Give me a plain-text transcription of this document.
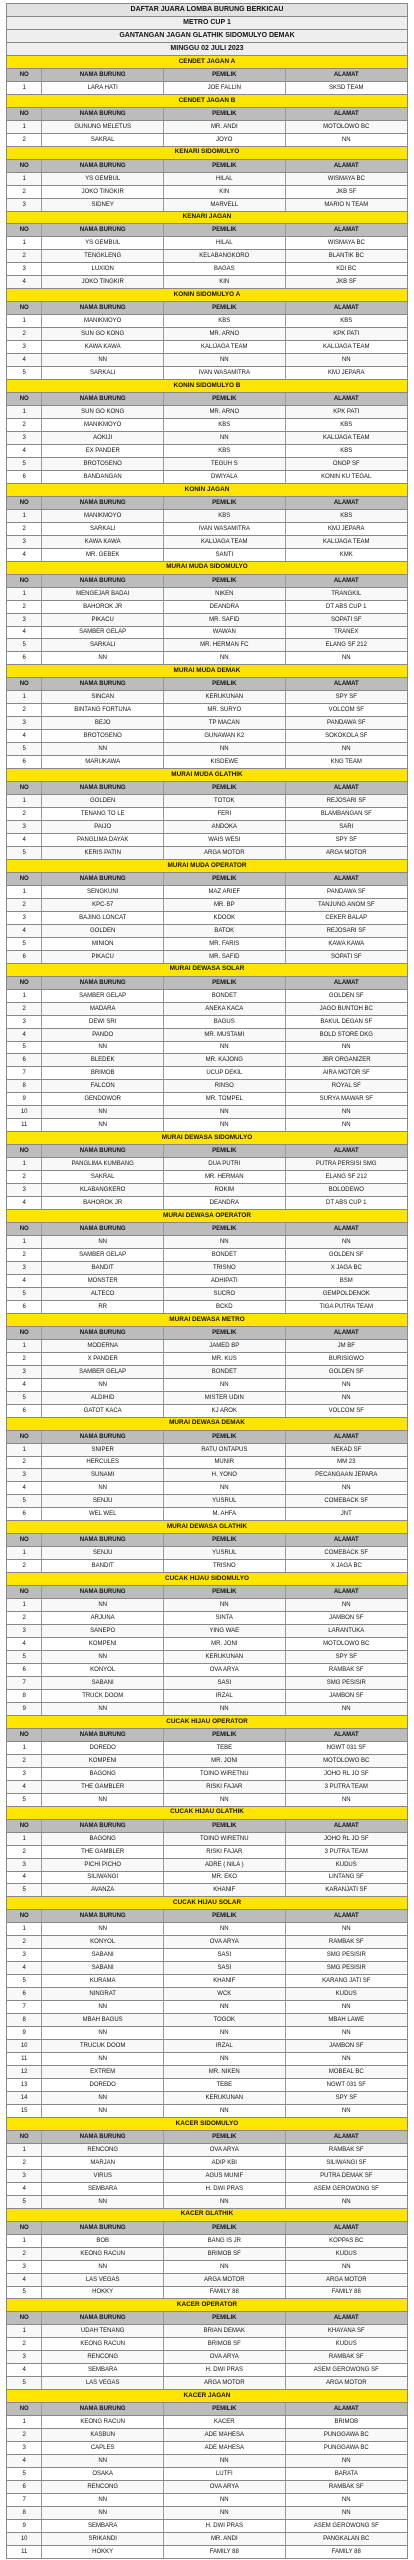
DAFTAR JUARA LOMBA BURUNG BERKICAU
METRO CUP 1
GANTANGAN JAGAN GLATHIK SIDOMULYO DEMAK
MINGGU 02 JULI 2023
CENDET JAGAN A
NO	NAMA BURUNG	PEMILIK	ALAMAT
1	LARA HATI	JOE FALLIN	SKSD TEAM
CENDET JAGAN B
NO	NAMA BURUNG	PEMILIK	ALAMAT
1	GUNUNG MELETUS	MR. ANDI	MOTOLOWO BC
2	SAKRAL	JOYO	NN
KENARI SIDOMULYO
NO	NAMA BURUNG	PEMILIK	ALAMAT
1	YS GEMBUL	HILAL	WISMAYA BC
2	JOKO TINGKIR	KIN	JKB SF
3	SIDNEY	MARVELL	MARIO N TEAM
KENARI JAGAN
NO	NAMA BURUNG	PEMILIK	ALAMAT
1	YS GEMBUL	HILAL	WISMAYA BC
2	TENGKLENG	KELABANGKORO	BLANTIK BC
3	LUXION	BAGAS	KDI BC
4	JOKO TINGKIR	KIN	JKB SF
KONIN SIDOMULYO A
NO	NAMA BURUNG	PEMILIK	ALAMAT
1	MANIKMOYO	KBS	KBS
2	SUN GO KONG	MR. ARNO	KPK PATI
3	KAWA KAWA	KALIJAGA TEAM	KALIJAGA TEAM
4	NN	NN	NN
5	SARKALI	IVAN WASAMITRA	KMJ JEPARA
KONIN SIDOMULYO B
NO	NAMA BURUNG	PEMILIK	ALAMAT
1	SUN GO KONG	MR. ARNO	KPK PATI
2	MANIKMOYO	KBS	KBS
3	AOKIJI	NN	KALIJAGA TEAM
4	EX PANDER	KBS	KBS
5	BROTOSENO	TEGUH S	ONOP SF
6	BANDANGAN	DWIYALA	KONIN KU TEGAL
KONIN JAGAN
NO	NAMA BURUNG	PEMILIK	ALAMAT
1	MANIKMOYO	KBS	KBS
2	SARKALI	IVAN WASAMITRA	KMJ JEPARA
3	KAWA KAWA	KALIJAGA TEAM	KALIJAGA TEAM
4	MR. GEBEK	SANTI	KMK
MURAI MUDA SIDOMULYO
NO	NAMA BURUNG	PEMILIK	ALAMAT
1	MENGEJAR BADAI	NIKEN	TRANGKIL
2	BAHOROK JR	DEANDRA	DT ABS CUP 1
3	PIKACU	MR. SAFID	SOPATI SF
4	SAMBER GELAP	WAWAN	TRANEX
5	SARKALI	MR. HERMAN FC	ELANG SF 212
6	NN	NN	NN
MURAI MUDA DEMAK
NO	NAMA BURUNG	PEMILIK	ALAMAT
1	SINCAN	KERUKUNAN	SPY SF
2	BINTANG FORTUNA	MR. SURYO	VOLCOM SF
3	BEJO	TP MACAN	PANDAWA SF
4	BROTOSENO	GUNAWAN K2	SOKOKOLA SF
5	NN	NN	NN
6	MARUKAWA	KISDEWE	KNG TEAM
MURAI MUDA GLATHIK
NO	NAMA BURUNG	PEMILIK	ALAMAT
1	GOLDEN	TOTOK	REJOSARI SF
2	TENANG TO LE	FERI	BLAMBANGAN SF
3	PAIJO	ANDOKA	SARI
4	PANGLIMA DAYAK	WAIS WESI	SPY SF
5	KERIS PATIN	ARGA MOTOR	ARGA MOTOR
MURAI MUDA OPERATOR
NO	NAMA BURUNG	PEMILIK	ALAMAT
1	SENGKUNI	MAZ ARIEF	PANDAWA SF
2	KPC-57	MR. BP	TANJUNG ANOM SF
3	BAJING LONCAT	KDOOK	CEKER BALAP
4	GOLDEN	BATOK	REJOSARI SF
5	MINION	MR. FARIS	KAWA KAWA
6	PIKACU	MR. SAFID	SOPATI SF
MURAI DEWASA SOLAR
NO	NAMA BURUNG	PEMILIK	ALAMAT
1	SAMBER GELAP	BONDET	GOLDEN SF
2	MADARA	ANEKA KACA	JAGO BUNTOH BC
3	DEWI SRI	BAGUS	BAKUL DEGAN SF
4	PANDO	MR. MUSTAMI	BOLD STORE DKG
5	NN	NN	NN
6	BLEDEK	MR. KAJONG	JBR ORGANIZER
7	BRIMOB	UCUP DEKIL	AIRA MOTOR SF
8	FALCON	RINSO	ROYAL SF
9	GENDOWOR	MR. TOMPEL	SURYA MAWAR SF
10	NN	NN	NN
11	NN	NN	NN
MURAI DEWASA SIDOMULYO
NO	NAMA BURUNG	PEMILIK	ALAMAT
1	PANGLIMA KUMBANG	DUA PUTRI	PUTRA PERSISI SMG
2	SAKRAL	MR. HERMAN	ELANG SF 212
3	KLABANGKERO	ROKIM	BOLODEWO
4	BAHOROK JR	DEANDRA	DT ABS CUP 1
MURAI DEWASA OPERATOR
NO	NAMA BURUNG	PEMILIK	ALAMAT
1	NN	NN	NN
2	SAMBER GELAP	BONDET	GOLDEN SF
3	BANDIT	TRISNO	X JAGA BC
4	MONSTER	ADHIPATI	BSM
5	ALTECO	SUCRO	GEMPOLDENOK
6	RR	BCKD	TIGA PUTRA TEAM
MURAI DEWASA METRO
NO	NAMA BURUNG	PEMILIK	ALAMAT
1	MODERNA	JAMED BP	JM BF
2	X PANDER	MR. KUS	BURISIGWO
3	SAMBER GELAP	BONDET	GOLDEN SF
4	NN	NN	NN
5	ALDIHID	MISTER UDIN	NN
6	GATOT KACA	KJ AROK	VOLCOM SF
MURAI DEWASA DEMAK
NO	NAMA BURUNG	PEMILIK	ALAMAT
1	SNIPER	RATU ONTAPUS	NEKAD SF
2	HERCULES	MUNIR	MM 23
3	SUNAMI	H. YONO	PECANGAAN JEPARA
4	NN	NN	NN
5	SENJU	YUSRUL	COMEBACK SF
6	WEL WEL	M. AHFA	JNT
MURAI DEWASA GLATHIK
NO	NAMA BURUNG	PEMILIK	ALAMAT
1	SENJU	YUSRUL	COMEBACK SF
2	BANDIT	TRISNO	X JAGA BC
CUCAK HIJAU SIDOMULYO
NO	NAMA BURUNG	PEMILIK	ALAMAT
1	NN	NN	NN
2	ARJUNA	SINTA	JAMBON SF
3	SANEPO	YING WAE	LARANTUKA
4	KOMPENI	MR. JONI	MOTOLOWO BC
5	NN	KERUKUNAN	SPY SF
6	KONYOL	OVA ARYA	RAMBAK SF
7	SABANI	SASI	SMG PESISIR
8	TRUCK DOOM	IRZAL	JAMBON SF
9	NN	NN	NN
CUCAK HIJAU OPERATOR
NO	NAMA BURUNG	PEMILIK	ALAMAT
1	DOREDO	TEBE	NGWT 031 SF
2	KOMPENI	MR. JONI	MOTOLOWO BC
3	BAGONG	TOINO WIRETNU	JOHO RL JO SF
4	THE GAMBLER	RISKI FAJAR	3 PUTRA TEAM
5	NN	NN	NN
CUCAK HIJAU GLATHIK
NO	NAMA BURUNG	PEMILIK	ALAMAT
1	BAGONG	TOINO WIRETNU	JOHO RL JO SF
2	THE GAMBLER	RISKI FAJAR	3 PUTRA TEAM
3	PICHI PICHO	ADRE ( NILA )	KUDUS
4	SILIWANGI	MR. EKO	LINTANG SF
5	AVANZA	KHANIF	KARANJATI SF
CUCAK HIJAU SOLAR
NO	NAMA BURUNG	PEMILIK	ALAMAT
1	NN	NN	NN
2	KONYOL	OVA ARYA	RAMBAK SF
3	SABANI	SASI	SMG PESISIR
4	SABANI	SASI	SMG PESISIR
5	KURAMA	KHANIF	KARANG JATI SF
6	NINGRAT	WCK	KUDUS
7	NN	NN	NN
8	MBAH BAGUS	TOGOK	MBAH LAWE
9	NN	NN	NN
10	TRUCUK DOOM	IRZAL	JAMBON SF
11	NN	NN	NN
12	EXTREM	MR. NIKEN	MOBEAL BC
13	DOREDO	TEBE	NGWT 031 SF
14	NN	KERUKUNAN	SPY SF
15	NN	NN	NN
KACER SIDOMULYO
NO	NAMA BURUNG	PEMILIK	ALAMAT
1	RENCONG	OVA ARYA	RAMBAK SF
2	MARJAN	ADIP KBI	SILIWANGI SF
3	VIRUS	AGUS MUNIF	PUTRA DEMAK SF
4	SEMBARA	H. DWI PRAS	ASEM GEROWONG SF
5	NN	NN	NN
KACER GLATHIK
NO	NAMA BURUNG	PEMILIK	ALAMAT
1	BOB	BANG IS JR	KOPPAS BC
2	KEONG RACUN	BRIMOB SF	KUDUS
3	NN	NN	NN
4	LAS VEGAS	ARGA MOTOR	ARGA MOTOR
5	HOKKY	FAMILY 88	FAMILY 88
KACER OPERATOR
NO	NAMA BURUNG	PEMILIK	ALAMAT
1	UDAH TENANG	BRIAN DEMAK	KHAYANA SF
2	KEONG RACUN	BRIMOB SF	KUDUS
3	RENCONG	OVA ARYA	RAMBAK SF
4	SEMBARA	H. DWI PRAS	ASEM GEROWONG SF
5	LAS VEGAS	ARGA MOTOR	ARGA MOTOR
KACER JAGAN
NO	NAMA BURUNG	PEMILIK	ALAMAT
1	KEONG RACUN	KACER	BRIMOB
2	KASBUN	ADE MAHESA	PUNGGAWA BC
3	CAPLES	ADE MAHESA	PUNGGAWA BC
4	NN	NN	NN
5	OSAKA	LUTFI	BARATA
6	RENCONG	OVA ARYA	RAMBAK SF
7	NN	NN	NN
8	NN	NN	NN
9	SEMBARA	H. DWI PRAS	ASEM GEROWONG SF
10	SRIKANDI	MR. ANDI	PANGKALAN BC
11	HOKKY	FAMILY 88	FAMILY 88
